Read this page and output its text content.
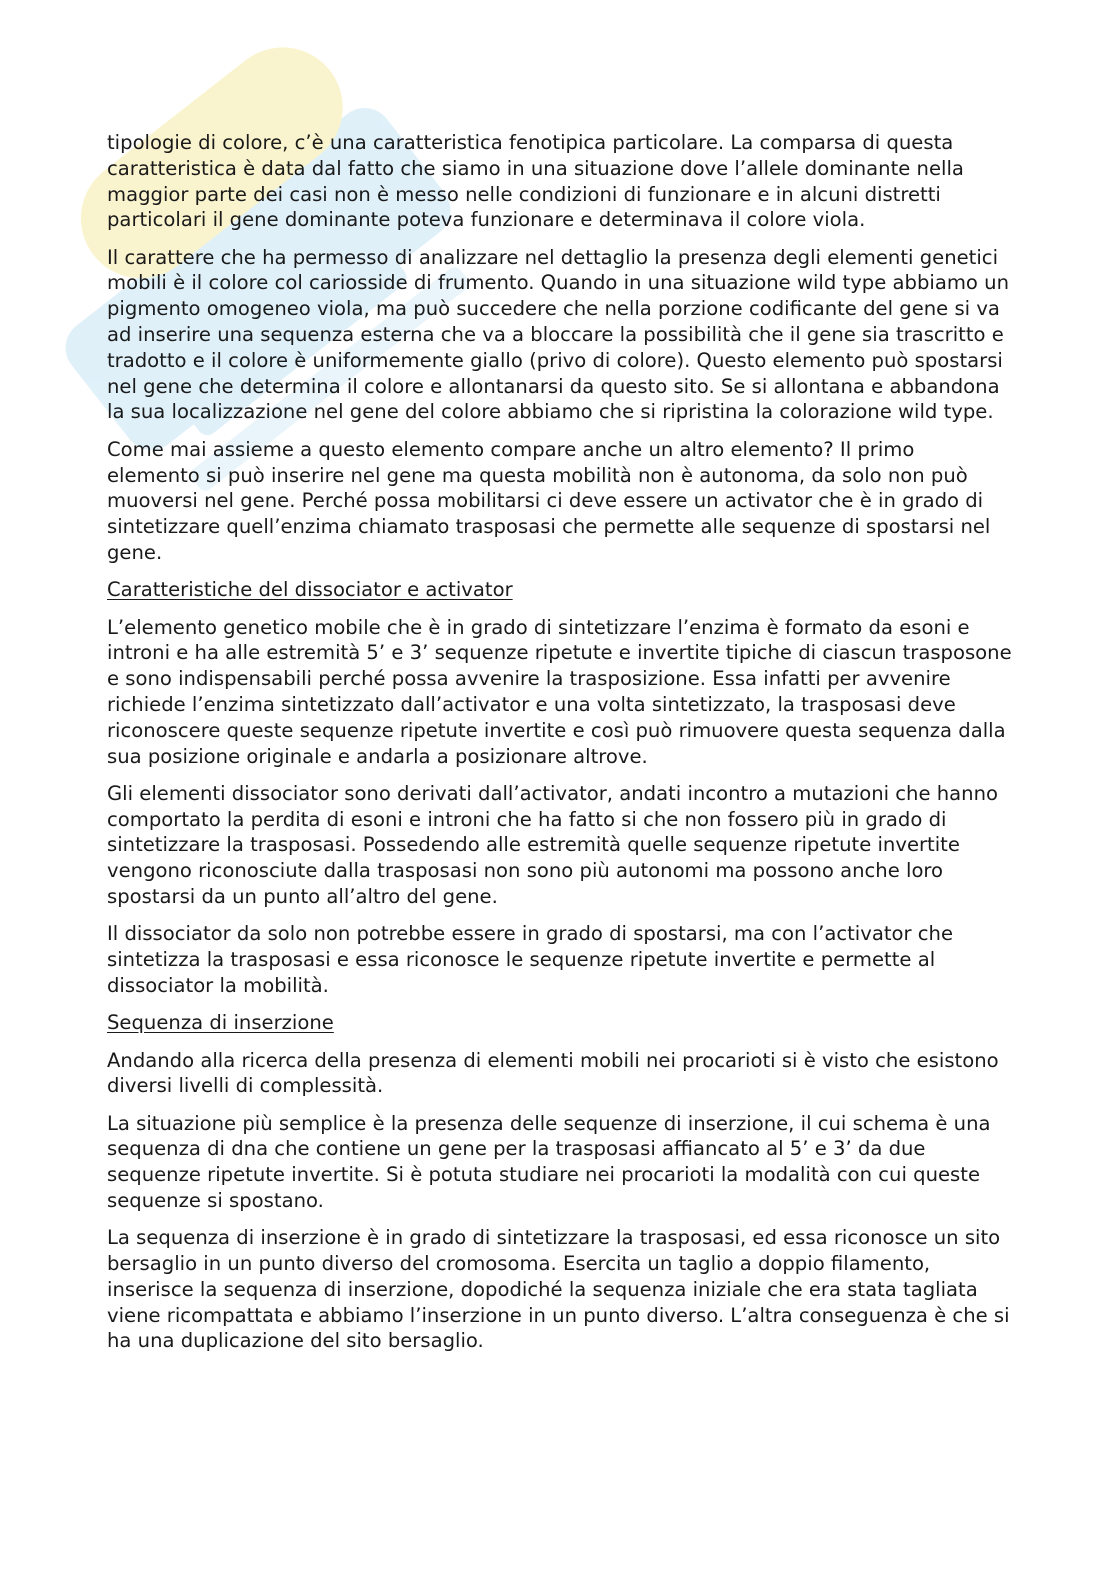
tipologie di colore, c’è una caratteristica fenotipica particolare. La comparsa di questa caratteristica è data dal fatto che siamo in una situazione dove l’allele dominante nella maggior parte dei casi non è messo nelle condizioni di funzionare e in alcuni distretti particolari il gene dominante poteva funzionare e determinava il colore viola.

Il carattere che ha permesso di analizzare nel dettaglio la presenza degli elementi genetici mobili è il colore col cariosside di frumento. Quando in una situazione wild type abbiamo un pigmento omogeneo viola, ma può succedere che nella porzione codificante del gene si va ad inserire una sequenza esterna che va a bloccare la possibilità che il gene sia trascritto e tradotto e il colore è uniformemente giallo (privo di colore). Questo elemento può spostarsi nel gene che determina il colore e allontanarsi da questo sito. Se si allontana e abbandona la sua localizzazione nel gene del colore abbiamo che si ripristina la colorazione wild type.

Come mai assieme a questo elemento compare anche un altro elemento? Il primo elemento si può inserire nel gene ma questa mobilità non è autonoma, da solo non può muoversi nel gene. Perché possa mobilitarsi ci deve essere un activator che è in grado di sintetizzare quell’enzima chiamato trasposasi che permette alle sequenze di spostarsi nel gene.

Caratteristiche del dissociator e activator

L’elemento genetico mobile che è in grado di sintetizzare l’enzima è formato da esoni e introni e ha alle estremità 5’ e 3’ sequenze ripetute e invertite tipiche di ciascun trasposone e sono indispensabili perché possa avvenire la trasposizione. Essa infatti per avvenire richiede l’enzima sintetizzato dall’activator e una volta sintetizzato, la trasposasi deve riconoscere queste sequenze ripetute invertite e così può rimuovere questa sequenza dalla sua posizione originale e andarla a posizionare altrove.

Gli elementi dissociator sono derivati dall’activator, andati incontro a mutazioni che hanno comportato la perdita di esoni e introni che ha fatto si che non fossero più in grado di sintetizzare la trasposasi. Possedendo alle estremità quelle sequenze ripetute invertite vengono riconosciute dalla trasposasi non sono più autonomi ma possono anche loro spostarsi da un punto all’altro del gene.

Il dissociator da solo non potrebbe essere in grado di spostarsi, ma con l’activator che sintetizza la trasposasi e essa riconosce le sequenze ripetute invertite e permette al dissociator la mobilità.

Sequenza di inserzione

Andando alla ricerca della presenza di elementi mobili nei procarioti si è visto che esistono diversi livelli di complessità.

La situazione più semplice è la presenza delle sequenze di inserzione, il cui schema è una sequenza di dna che contiene un gene per la trasposasi affiancato al 5’ e 3’ da due sequenze ripetute invertite. Si è potuta studiare nei procarioti la modalità con cui queste sequenze si spostano.

La sequenza di inserzione è in grado di sintetizzare la trasposasi, ed essa riconosce un sito bersaglio in un punto diverso del cromosoma. Esercita un taglio a doppio filamento, inserisce la sequenza di inserzione, dopodiché la sequenza iniziale che era stata tagliata viene ricompattata e abbiamo l’inserzione in un punto diverso. L’altra conseguenza è che si ha una duplicazione del sito bersaglio.
